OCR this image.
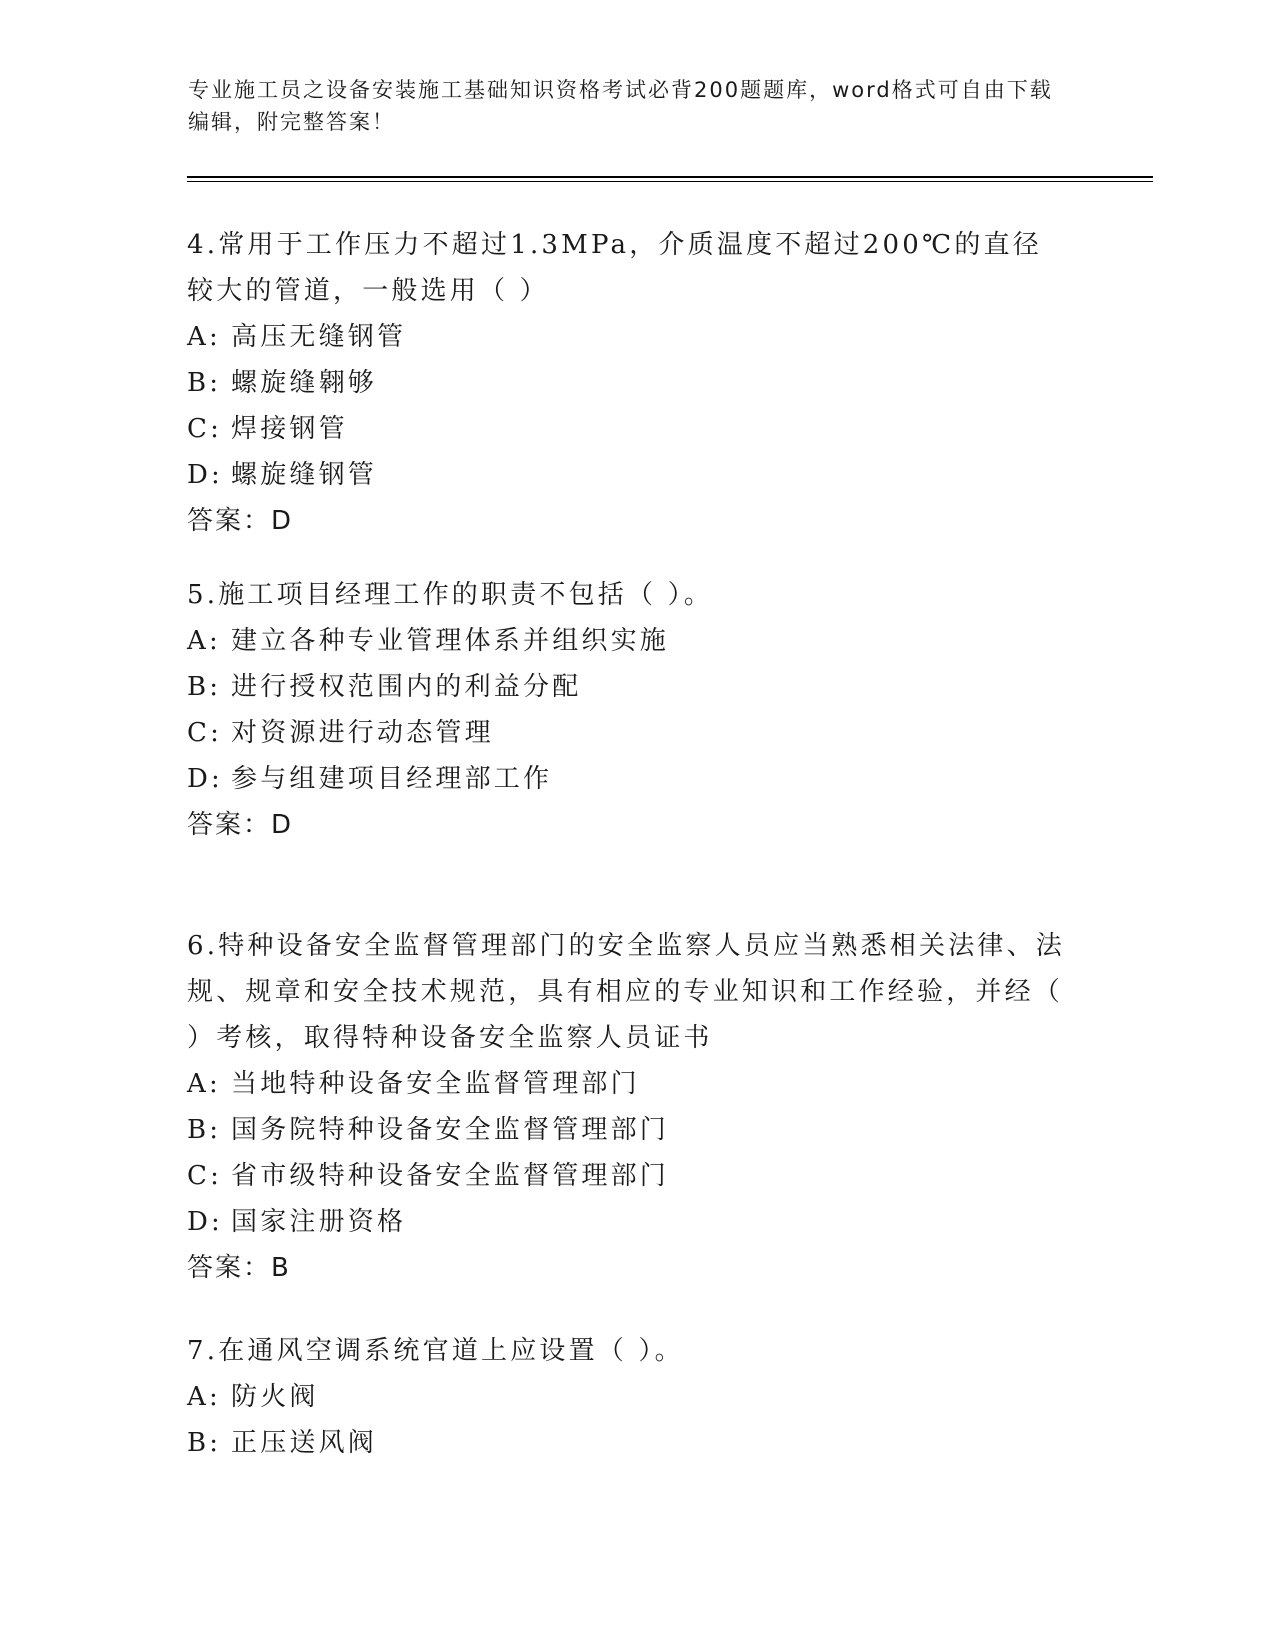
专业施工员之设备安装施工基础知识资格考试必背200题题库，word格式可自由下载编辑，附完整答案！

4.常用于工作压力不超过1.3MPa，介质温度不超过200℃的直径较大的管道，一般选用（ ）

A: 高压无缝钢管
B: 螺旋缝翱够
C: 焊接钢管
D: 螺旋缝钢管
答案：D

5.施工项目经理工作的职责不包括（ ）。

A: 建立各种专业管理体系并组织实施
B: 进行授权范围内的利益分配
C: 对资源进行动态管理
D: 参与组建项目经理部工作
答案：D

6.特种设备安全监督管理部门的安全监察人员应当熟悉相关法律、法规、规章和安全技术规范，具有相应的专业知识和工作经验，并经（ ）考核，取得特种设备安全监察人员证书

A: 当地特种设备安全监督管理部门
B: 国务院特种设备安全监督管理部门
C: 省市级特种设备安全监督管理部门
D: 国家注册资格
答案：B

7.在通风空调系统官道上应设置（ ）。

A: 防火阀
B: 正压送风阀
